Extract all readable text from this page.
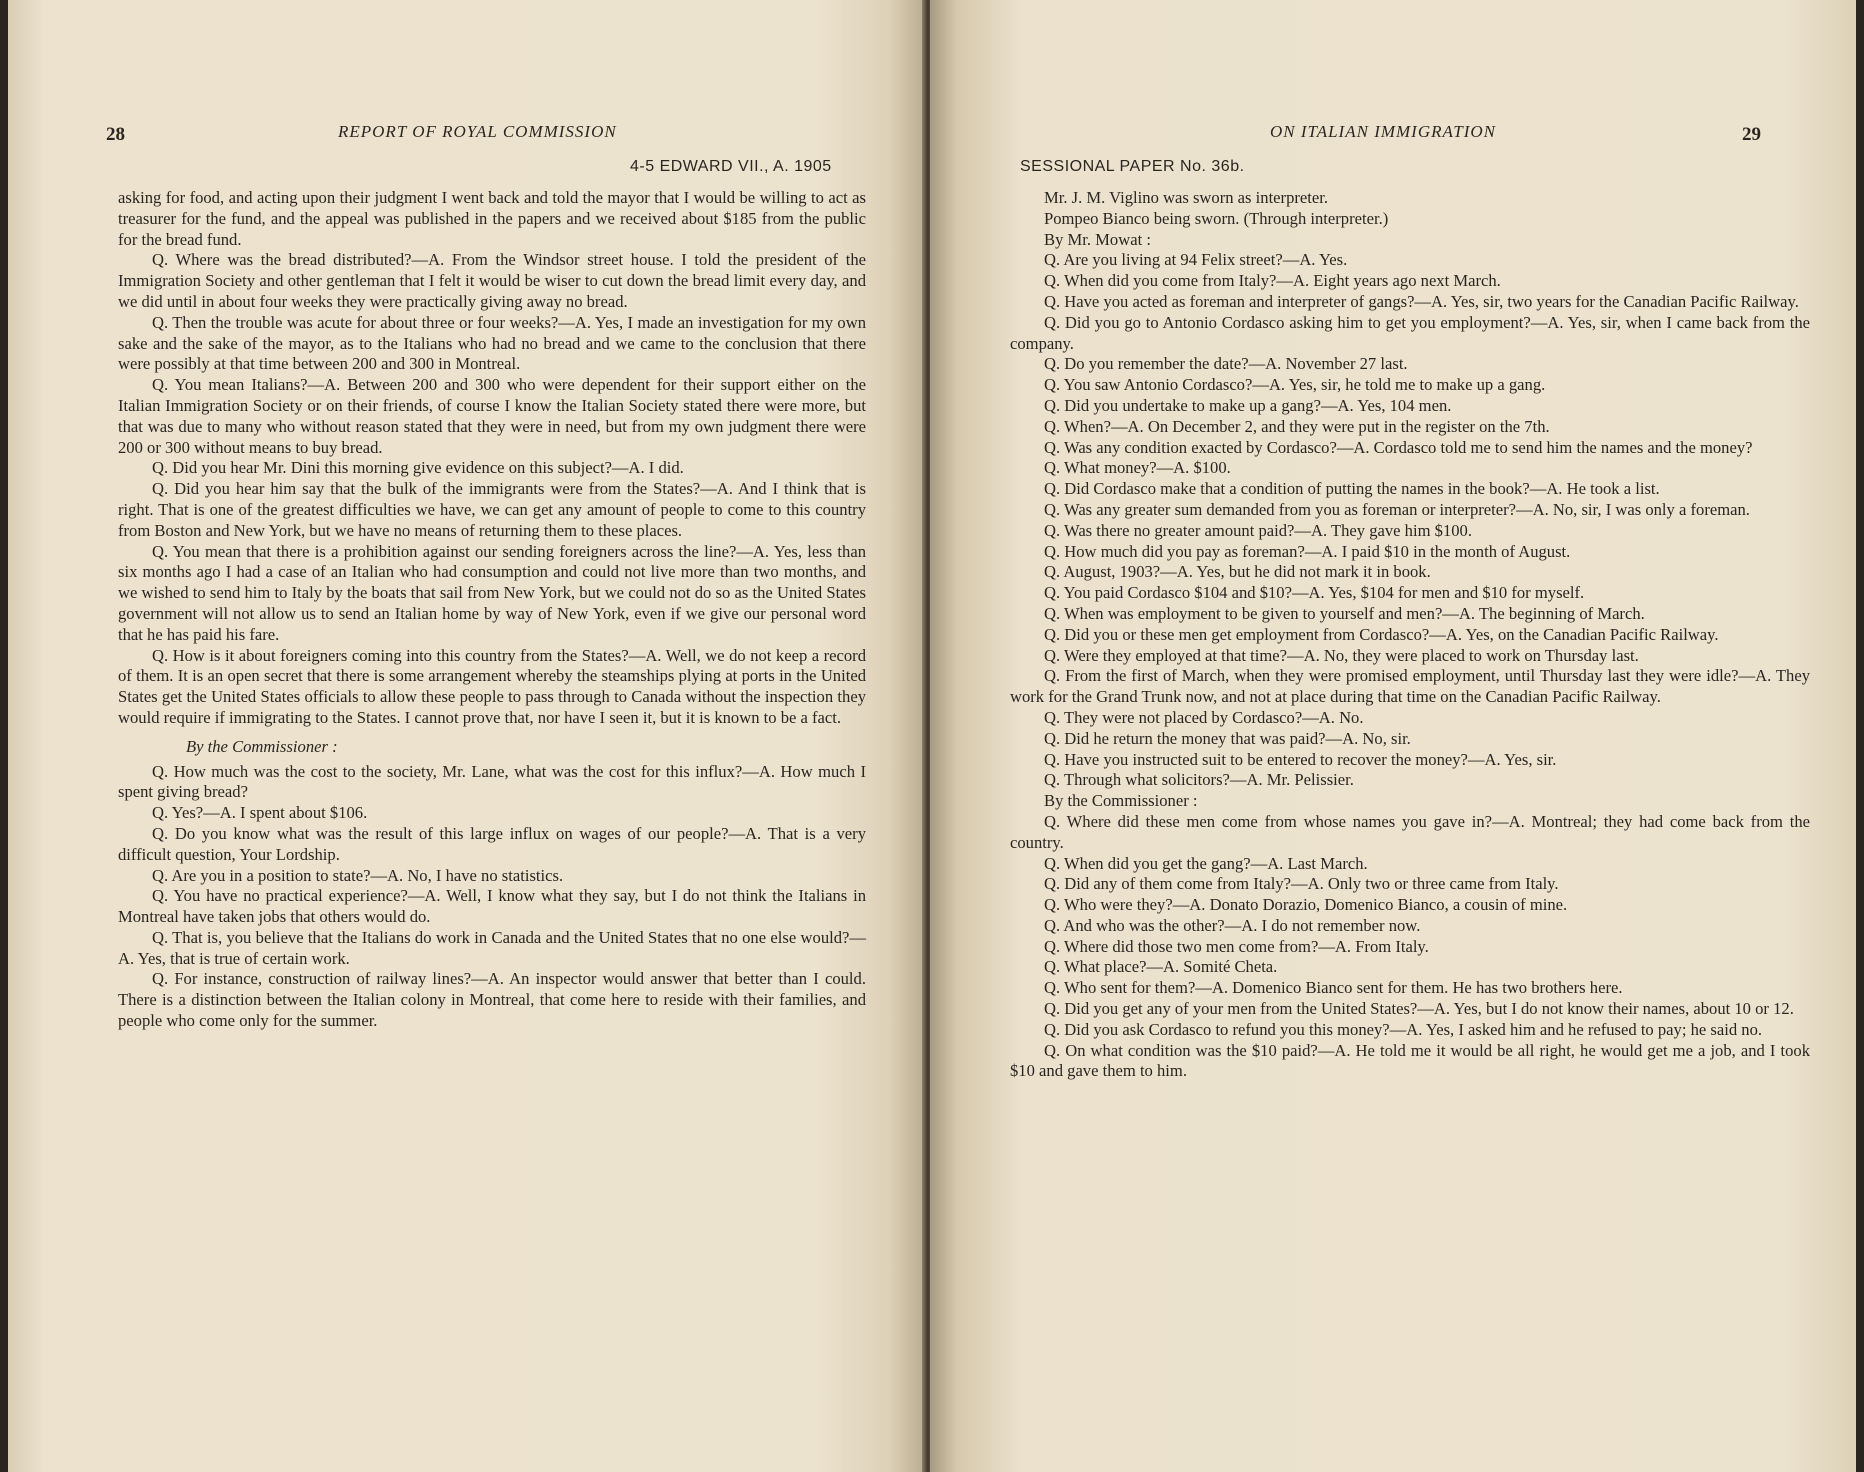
28	REPORT OF ROYAL COMMISSION
4-5 EDWARD VII., A. 1905

asking for food, and acting upon their judgment I went back and told the mayor that I would be willing to act as treasurer for the fund, and the appeal was published in the papers and we received about $185 from the public for the bread fund.

Q. Where was the bread distributed?—A. From the Windsor street house. I told the president of the Immigration Society and other gentleman that I felt it would be wiser to cut down the bread limit every day, and we did until in about four weeks they were practically giving away no bread.

Q. Then the trouble was acute for about three or four weeks?—A. Yes, I made an investigation for my own sake and the sake of the mayor, as to the Italians who had no bread and we came to the conclusion that there were possibly at that time between 200 and 300 in Montreal.

Q. You mean Italians?—A. Between 200 and 300 who were dependent for their support either on the Italian Immigration Society or on their friends, of course I know the Italian Society stated there were more, but that was due to many who without reason stated that they were in need, but from my own judgment there were 200 or 300 without means to buy bread.

Q. Did you hear Mr. Dini this morning give evidence on this subject?—A. I did.

Q. Did you hear him say that the bulk of the immigrants were from the States?—A. And I think that is right. That is one of the greatest difficulties we have, we can get any amount of people to come to this country from Boston and New York, but we have no means of returning them to these places.

Q. You mean that there is a prohibition against our sending foreigners across the line?—A. Yes, less than six months ago I had a case of an Italian who had consumption and could not live more than two months, and we wished to send him to Italy by the boats that sail from New York, but we could not do so as the United States government will not allow us to send an Italian home by way of New York, even if we give our personal word that he has paid his fare.

Q. How is it about foreigners coming into this country from the States?—A. Well, we do not keep a record of them. It is an open secret that there is some arrangement whereby the steamships plying at ports in the United States get the United States officials to allow these people to pass through to Canada without the inspection they would require if immigrating to the States. I cannot prove that, nor have I seen it, but it is known to be a fact.

By the Commissioner :

Q. How much was the cost to the society, Mr. Lane, what was the cost for this influx?—A. How much I spent giving bread?

Q. Yes?—A. I spent about $106.

Q. Do you know what was the result of this large influx on wages of our people?—A. That is a very difficult question, Your Lordship.

Q. Are you in a position to state?—A. No, I have no statistics.

Q. You have no practical experience?—A. Well, I know what they say, but I do not think the Italians in Montreal have taken jobs that others would do.

Q. That is, you believe that the Italians do work in Canada and the United States that no one else would?—A. Yes, that is true of certain work.

Q. For instance, construction of railway lines?—A. An inspector would answer that better than I could. There is a distinction between the Italian colony in Montreal, that come here to reside with their families, and people who come only for the summer.

ON ITALIAN IMMIGRATION	29
SESSIONAL PAPER No. 36b.

Mr. J. M. Viglino was sworn as interpreter.

Pompeo Bianco being sworn. (Through interpreter.)

By Mr. Mowat :

Q. Are you living at 94 Felix street?—A. Yes.

Q. When did you come from Italy?—A. Eight years ago next March.

Q. Have you acted as foreman and interpreter of gangs?—A. Yes, sir, two years for the Canadian Pacific Railway.

Q. Did you go to Antonio Cordasco asking him to get you employment?—A. Yes, sir, when I came back from the company.

Q. Do you remember the date?—A. November 27 last.

Q. You saw Antonio Cordasco?—A. Yes, sir, he told me to make up a gang.

Q. Did you undertake to make up a gang?—A. Yes, 104 men.

Q. When?—A. On December 2, and they were put in the register on the 7th.

Q. Was any condition exacted by Cordasco?—A. Cordasco told me to send him the names and the money?

Q. What money?—A. $100.

Q. Did Cordasco make that a condition of putting the names in the book?—A. He took a list.

Q. Was any greater sum demanded from you as foreman or interpreter?—A. No, sir, I was only a foreman.

Q. Was there no greater amount paid?—A. They gave him $100.

Q. How much did you pay as foreman?—A. I paid $10 in the month of August.

Q. August, 1903?—A. Yes, but he did not mark it in book.

Q. You paid Cordasco $104 and $10?—A. Yes, $104 for men and $10 for myself.

Q. When was employment to be given to yourself and men?—A. The beginning of March.

Q. Did you or these men get employment from Cordasco?—A. Yes, on the Canadian Pacific Railway.

Q. Were they employed at that time?—A. No, they were placed to work on Thursday last.

Q. From the first of March, when they were promised employment, until Thursday last they were idle?—A. They work for the Grand Trunk now, and not at place during that time on the Canadian Pacific Railway.

Q. They were not placed by Cordasco?—A. No.

Q. Did he return the money that was paid?—A. No, sir.

Q. Have you instructed suit to be entered to recover the money?—A. Yes, sir.

Q. Through what solicitors?—A. Mr. Pelissier.

By the Commissioner :

Q. Where did these men come from whose names you gave in?—A. Montreal; they had come back from the country.

Q. When did you get the gang?—A. Last March.

Q. Did any of them come from Italy?—A. Only two or three came from Italy.

Q. Who were they?—A. Donato Dorazio, Domenico Bianco, a cousin of mine.

Q. And who was the other?—A. I do not remember now.

Q. Where did those two men come from?—A. From Italy.

Q. What place?—A. Somité Cheta.

Q. Who sent for them?—A. Domenico Bianco sent for them. He has two brothers here.

Q. Did you get any of your men from the United States?—A. Yes, but I do not know their names, about 10 or 12.

Q. Did you ask Cordasco to refund you this money?—A. Yes, I asked him and he refused to pay; he said no.

Q. On what condition was the $10 paid?—A. He told me it would be all right, he would get me a job, and I took $10 and gave them to him.
